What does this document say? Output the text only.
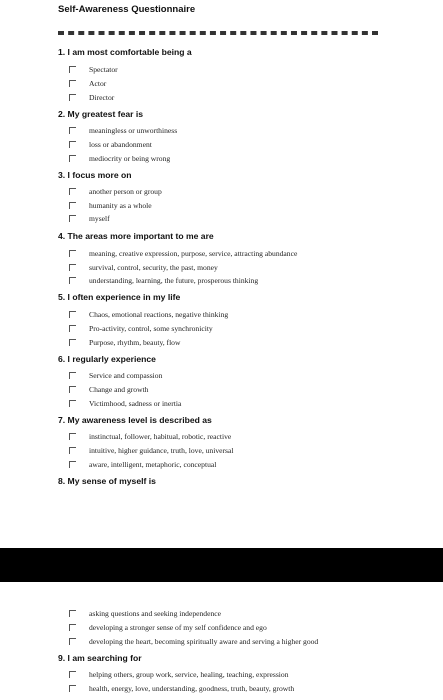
Self-Awareness Questionnaire
1. I am most comfortable being a
Spectator
Actor
Director
2. My greatest fear is
meaningless or unworthiness
loss or abandonment
mediocrity or being wrong
3. I focus more on
another person or group
humanity as a whole
myself
4. The areas more important to me are
meaning, creative expression, purpose, service, attracting abundance
survival, control, security, the past, money
understanding, learning, the future, prosperous thinking
5. I often experience in my life
Chaos, emotional reactions, negative thinking
Pro-activity, control, some synchronicity
Purpose, rhythm, beauty, flow
6. I regularly experience
Service and compassion
Change and growth
Victimhood, sadness or inertia
7. My awareness level is described as
instinctual, follower, habitual, robotic, reactive
intuitive, higher guidance, truth, love, universal
aware, intelligent, metaphoric, conceptual
8. My sense of myself is
asking questions and seeking independence
developing a stronger sense of my self confidence and ego
developing the heart, becoming spiritually aware and serving a higher good
9. I am searching for
helping others, group work, service, healing, teaching, expression
health, energy, love, understanding, goodness, truth, beauty, growth
